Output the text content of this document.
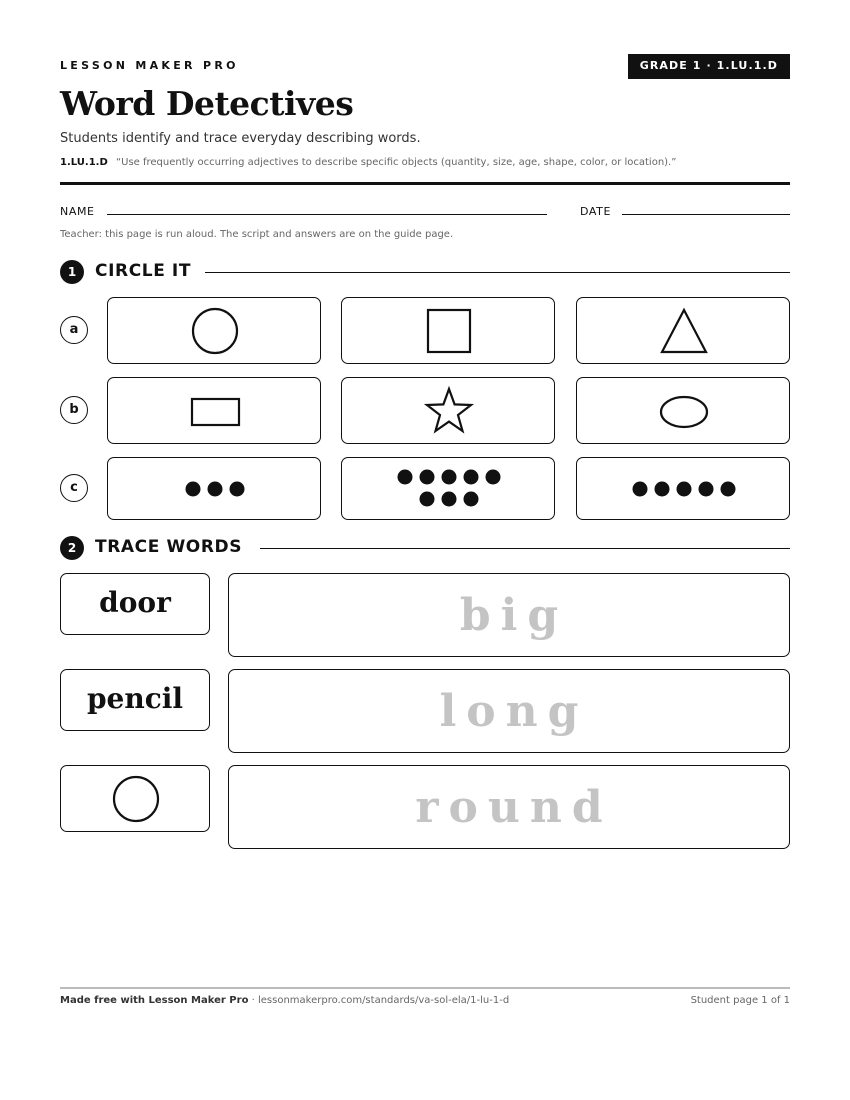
LESSON MAKER PRO	GRADE 1 · 1.LU.1.D
Word Detectives
Students identify and trace everyday describing words.
1.LU.1.D “Use frequently occurring adjectives to describe specific objects (quantity, size, age, shape, color, or location).”
NAME	DATE
Teacher: this page is run aloud. The script and answers are on the guide page.
1	CIRCLE IT
a
b
c
2	TRACE WORDS
door	big
pencil	long
round
Made free with Lesson Maker Pro · lessonmakerpro.com/standards/va-sol-ela/1-lu-1-d	Student page 1 of 1
